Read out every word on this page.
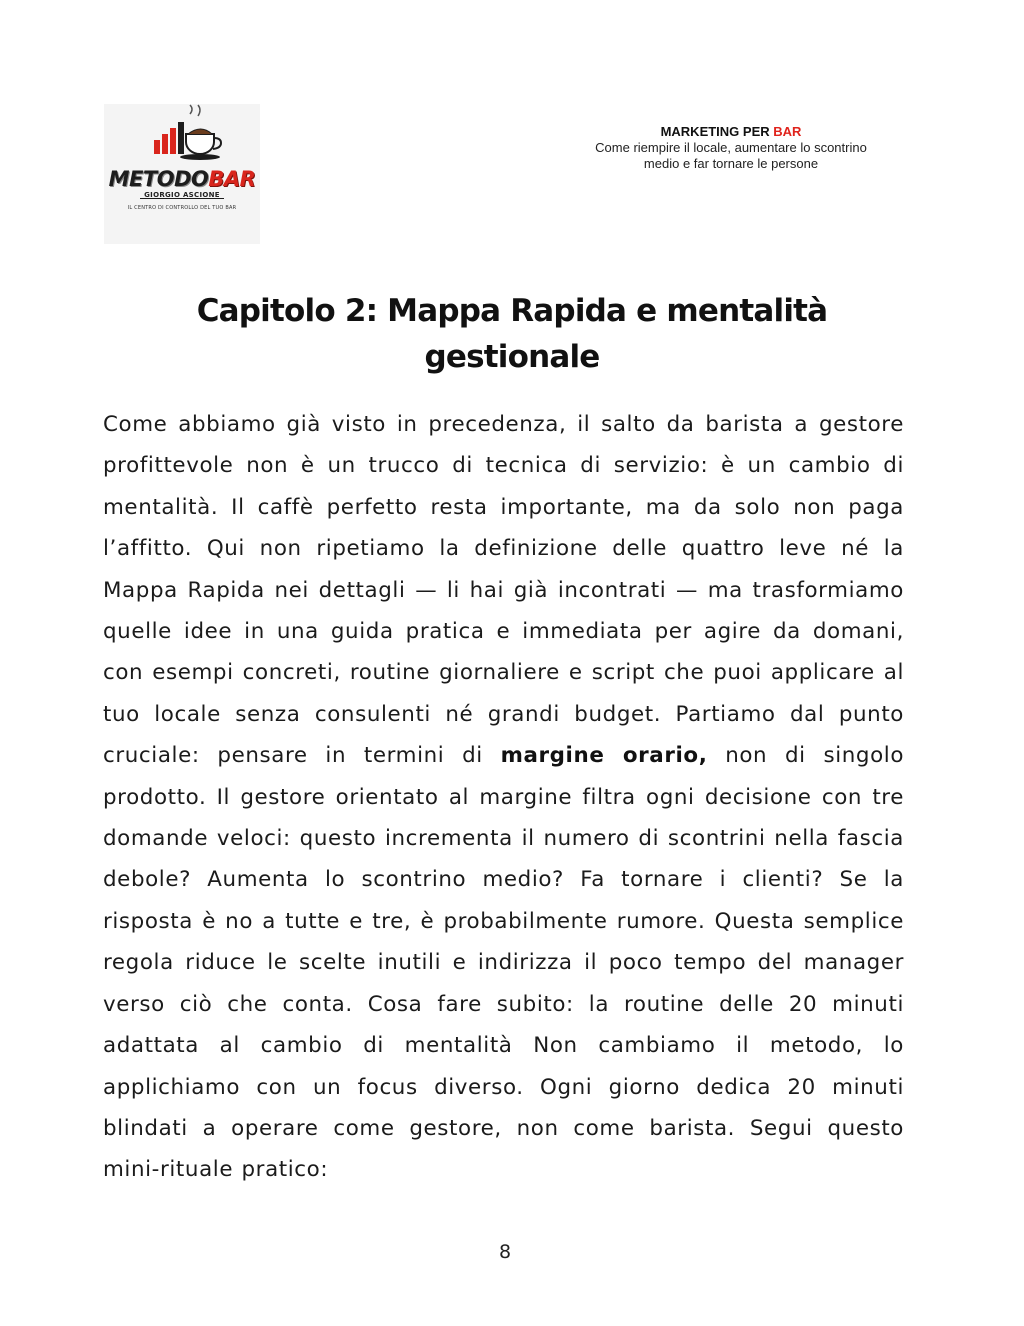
METODOBAR
GIORGIO ASCIONE
IL CENTRO DI CONTROLLO DEL TUO BAR
MARKETING PER BAR
Come riempire il locale, aumentare lo scontrino
medio e far tornare le persone
Capitolo 2: Mappa Rapida e mentalità
gestionale

Come abbiamo già visto in precedenza, il salto da barista a gestore profittevole non è un trucco di tecnica di servizio: è un cambio di mentalità. Il caffè perfetto resta importante, ma da solo non paga l’affitto. Qui non ripetiamo la definizione delle quattro leve né la Mappa Rapida nei dettagli — li hai già incontrati — ma trasformiamo quelle idee in una guida pratica e immediata per agire da domani, con esempi concreti, routine giornaliere e script che puoi applicare al tuo locale senza consulenti né grandi budget. Partiamo dal punto cruciale: pensare in termini di margine orario, non di singolo prodotto. Il gestore orientato al margine filtra ogni decisione con tre domande veloci: questo incrementa il numero di scontrini nella fascia debole? Aumenta lo scontrino medio? Fa tornare i clienti? Se la risposta è no a tutte e tre, è probabilmente rumore. Questa semplice regola riduce le scelte inutili e indirizza il poco tempo del manager verso ciò che conta. Cosa fare subito: la routine delle 20 minuti adattata al cambio di mentalità Non cambiamo il metodo, lo applichiamo con un focus diverso. Ogni giorno dedica 20 minuti blindati a operare come gestore, non come barista. Segui questo mini-rituale pratico:

8
